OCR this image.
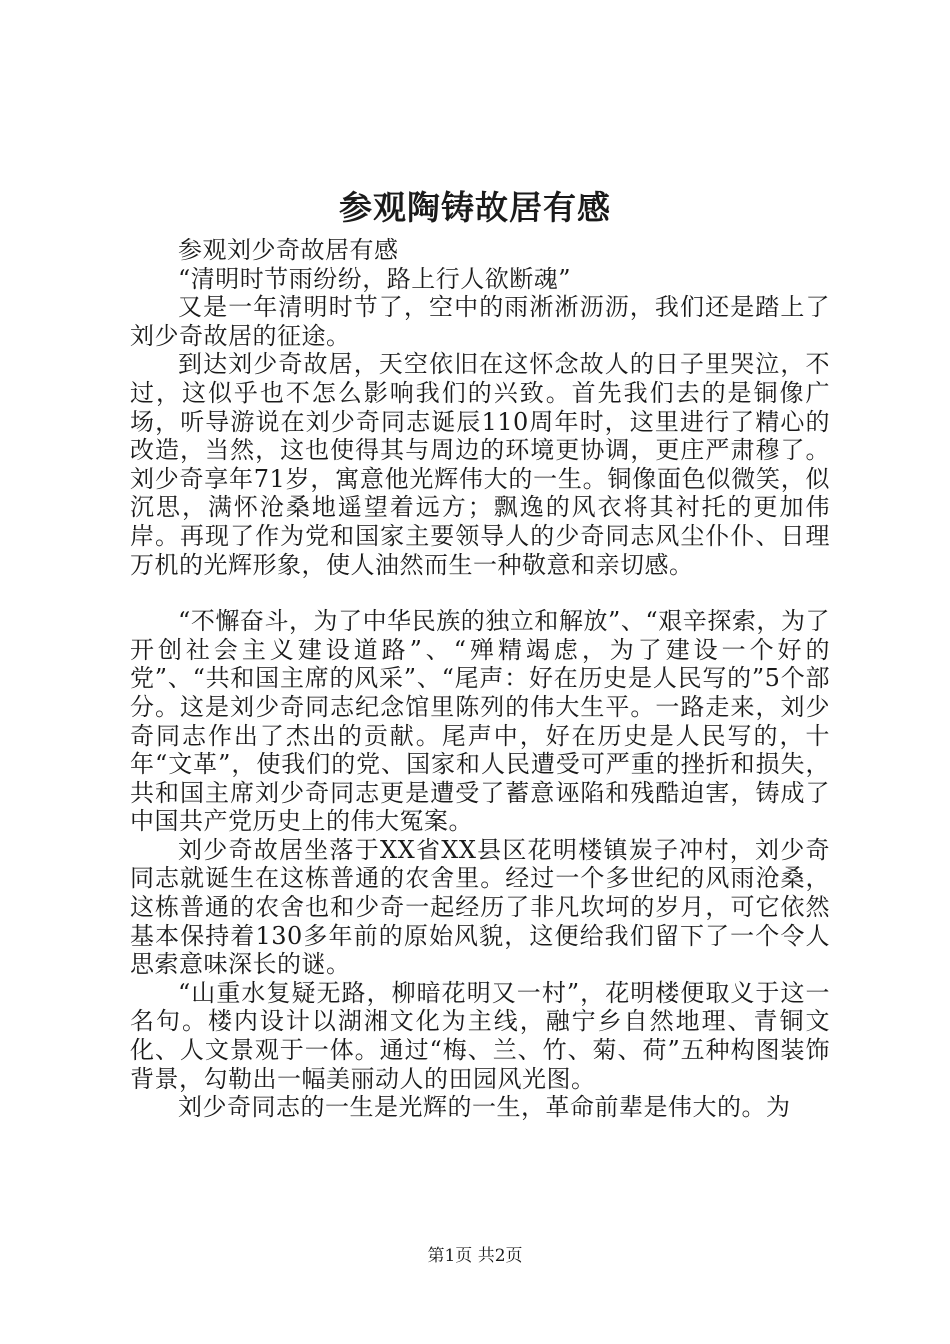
参观陶铸故居有感

参观刘少奇故居有感

“清明时节雨纷纷，路上行人欲断魂”

又是一年清明时节了，空中的雨淅淅沥沥，我们还是踏上了刘少奇故居的征途。

到达刘少奇故居，天空依旧在这怀念故人的日子里哭泣，不过，这似乎也不怎么影响我们的兴致。首先我们去的是铜像广场，听导游说在刘少奇同志诞辰110周年时，这里进行了精心的改造，当然，这也使得其与周边的环境更协调，更庄严肃穆了。刘少奇享年71岁，寓意他光辉伟大的一生。铜像面色似微笑，似沉思，满怀沧桑地遥望着远方；飘逸的风衣将其衬托的更加伟岸。再现了作为党和国家主要领导人的少奇同志风尘仆仆、日理万机的光辉形象，使人油然而生一种敬意和亲切感。

“不懈奋斗，为了中华民族的独立和解放”、“艰辛探索，为了开创社会主义建设道路”、“殚精竭虑，为了建设一个好的党”、“共和国主席的风采”、“尾声：好在历史是人民写的”5个部分。这是刘少奇同志纪念馆里陈列的伟大生平。一路走来，刘少奇同志作出了杰出的贡献。尾声中，好在历史是人民写的，十年“文革”，使我们的党、国家和人民遭受可严重的挫折和损失，共和国主席刘少奇同志更是遭受了蓄意诬陷和残酷迫害，铸成了中国共产党历史上的伟大冤案。

刘少奇故居坐落于XX省XX县区花明楼镇炭子冲村，刘少奇同志就诞生在这栋普通的农舍里。经过一个多世纪的风雨沧桑，这栋普通的农舍也和少奇一起经历了非凡坎坷的岁月，可它依然基本保持着130多年前的原始风貌，这便给我们留下了一个令人思索意味深长的谜。

“山重水复疑无路，柳暗花明又一村”，花明楼便取义于这一名句。楼内设计以湖湘文化为主线，融宁乡自然地理、青铜文化、人文景观于一体。通过“梅、兰、竹、菊、荷”五种构图装饰背景，勾勒出一幅美丽动人的田园风光图。

刘少奇同志的一生是光辉的一生，革命前辈是伟大的。为

第1页 共2页
